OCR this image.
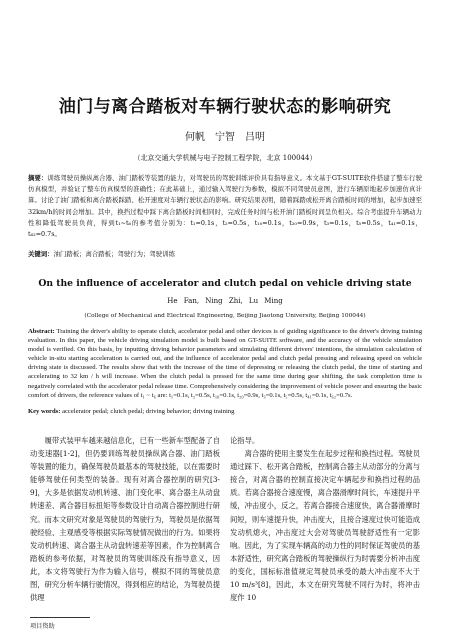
油门与离合踏板对车辆行驶状态的影响研究
何帆　宁智　吕明
（北京交通大学机械与电子控制工程学院，北京 100044）
摘要：训练驾驶员操纵离合器、油门踏板等装置的能力，对驾驶员的驾驶训练评价具有指导意义。本文基于GT-SUITE软件搭建了整车行驶仿真模型，并验证了整车仿真模型的准确性；在此基础上，通过输入驾驶行为参数，模拟不同驾驶员意图，进行车辆原地起步加速仿真计算。讨论了油门踏板和离合踏板踩踏、松开速度对车辆行驶状态的影响。研究结果表明，随着踩踏或松开离合踏板时间的增加，起步加速至32km/h的时间会增加。其中，换挡过程中踩下离合踏板时间相同时，完成任务时间与松开油门踏板时间呈负相关。综合考虑提升车辆动力性和降低驾驶员负荷，得到t₁~t₆的参考值分别为：t₁=0.1s，t₂=0.5s，t₁₀=0.1s，t₂₀=0.9s，t₃=0.1s，t₅=0.5s，t₄₁=0.1s，t₆₂=0.7s。
关键词：油门踏板；离合踏板；驾驶行为；驾驶训练
On the influence of accelerator and clutch pedal on vehicle driving state
He Fan, Ning Zhi, Lu Ming
(College of Mechanical and Electrical Engineering, Beijing Jiaotong University, Beijing 100044)
Abstract: Training the driver's ability to operate clutch, accelerator pedal and other devices is of guiding significance to the driver's driving training evaluation. In this paper, the vehicle driving simulation model is built based on GT-SUITE software, and the accuracy of the vehicle simulation model is verified. On this basis, by inputting driving behavior parameters and simulating different drivers' intentions, the simulation calculation of vehicle in-situ starting acceleration is carried out, and the influence of accelerator pedal and clutch pedal pressing and releasing speed on vehicle driving state is discussed. The results show that with the increase of the time of depressing or releasing the clutch pedal, the time of starting and accelerating to 32 km / h will increase. When the clutch pedal is pressed for the same time during gear shifting, the task completion time is negatively correlated with the accelerator pedal release time. Comprehensively considering the improvement of vehicle power and ensuring the basic comfort of drivers, the reference values of t₁ ~ t₆ are: t₁=0.1s, t₂=0.5s, t₁₀=0.1s, t₂₀=0.9s, t₃=0.1s, t₅=0.5s, t₄₁=0.1s, t₆₂=0.7s.
Key words: accelerator pedal; clutch pedal; driving behavior; driving training
履带式装甲车越来越信息化，已有一些新车型配备了自动变速器[1-2]，但仍要训练驾驶员操纵离合器、油门踏板等装置的能力，确保驾驶员最基本的驾驶技能，以在需要时能够驾驶任何类型的装备。现有对离合器控制的研究[3-9]，大多是依据发动机转速、油门变化率、离合器主从动盘转速差、离合器目标扭矩等参数设计自动离合器控制进行研究。而本文研究对象是驾驶员的驾驶行为，驾驶员是依据驾驶经验、主观感受等根据实际驾驶情况做出的行为。如果将发动机转速、离合器主从动盘转速差等因素，作为控制离合踏板的参考依据，对驾驶员的驾驶训练没有指导意义，因此，本文将驾驶行为作为输入信号，模拟不同的驾驶员意图，研究分析车辆行驶情况，得到相应的结论，为驾驶员提供理
论指导。
离合器的使用主要发生在起步过程和换挡过程。驾驶员通过踩下、松开离合踏板，控制离合器主从动部分的分离与接合，对离合器的控制直接决定车辆起步和换挡过程的品质。若离合器接合速度慢，离合器滑摩时间长，车速提升平缓，冲击度小，反之，若离合器接合速度快，离合器滑摩时间短，则车速提升快，冲击度大，且接合速度过快可能造成发动机熄火，冲击度过大会对驾驶员驾驶舒适性有一定影响。因此，为了实现车辆高的动力性的同时保证驾驶员的基本舒适性，研究离合踏板的驾驶操纵行为时需要分析冲击度的变化，国标标准值规定驾驶员承受的最大冲击度不大于10 m/s³[8]，因此，本文在研究驾驶不同行为时，将冲击度作 10
项目资助
